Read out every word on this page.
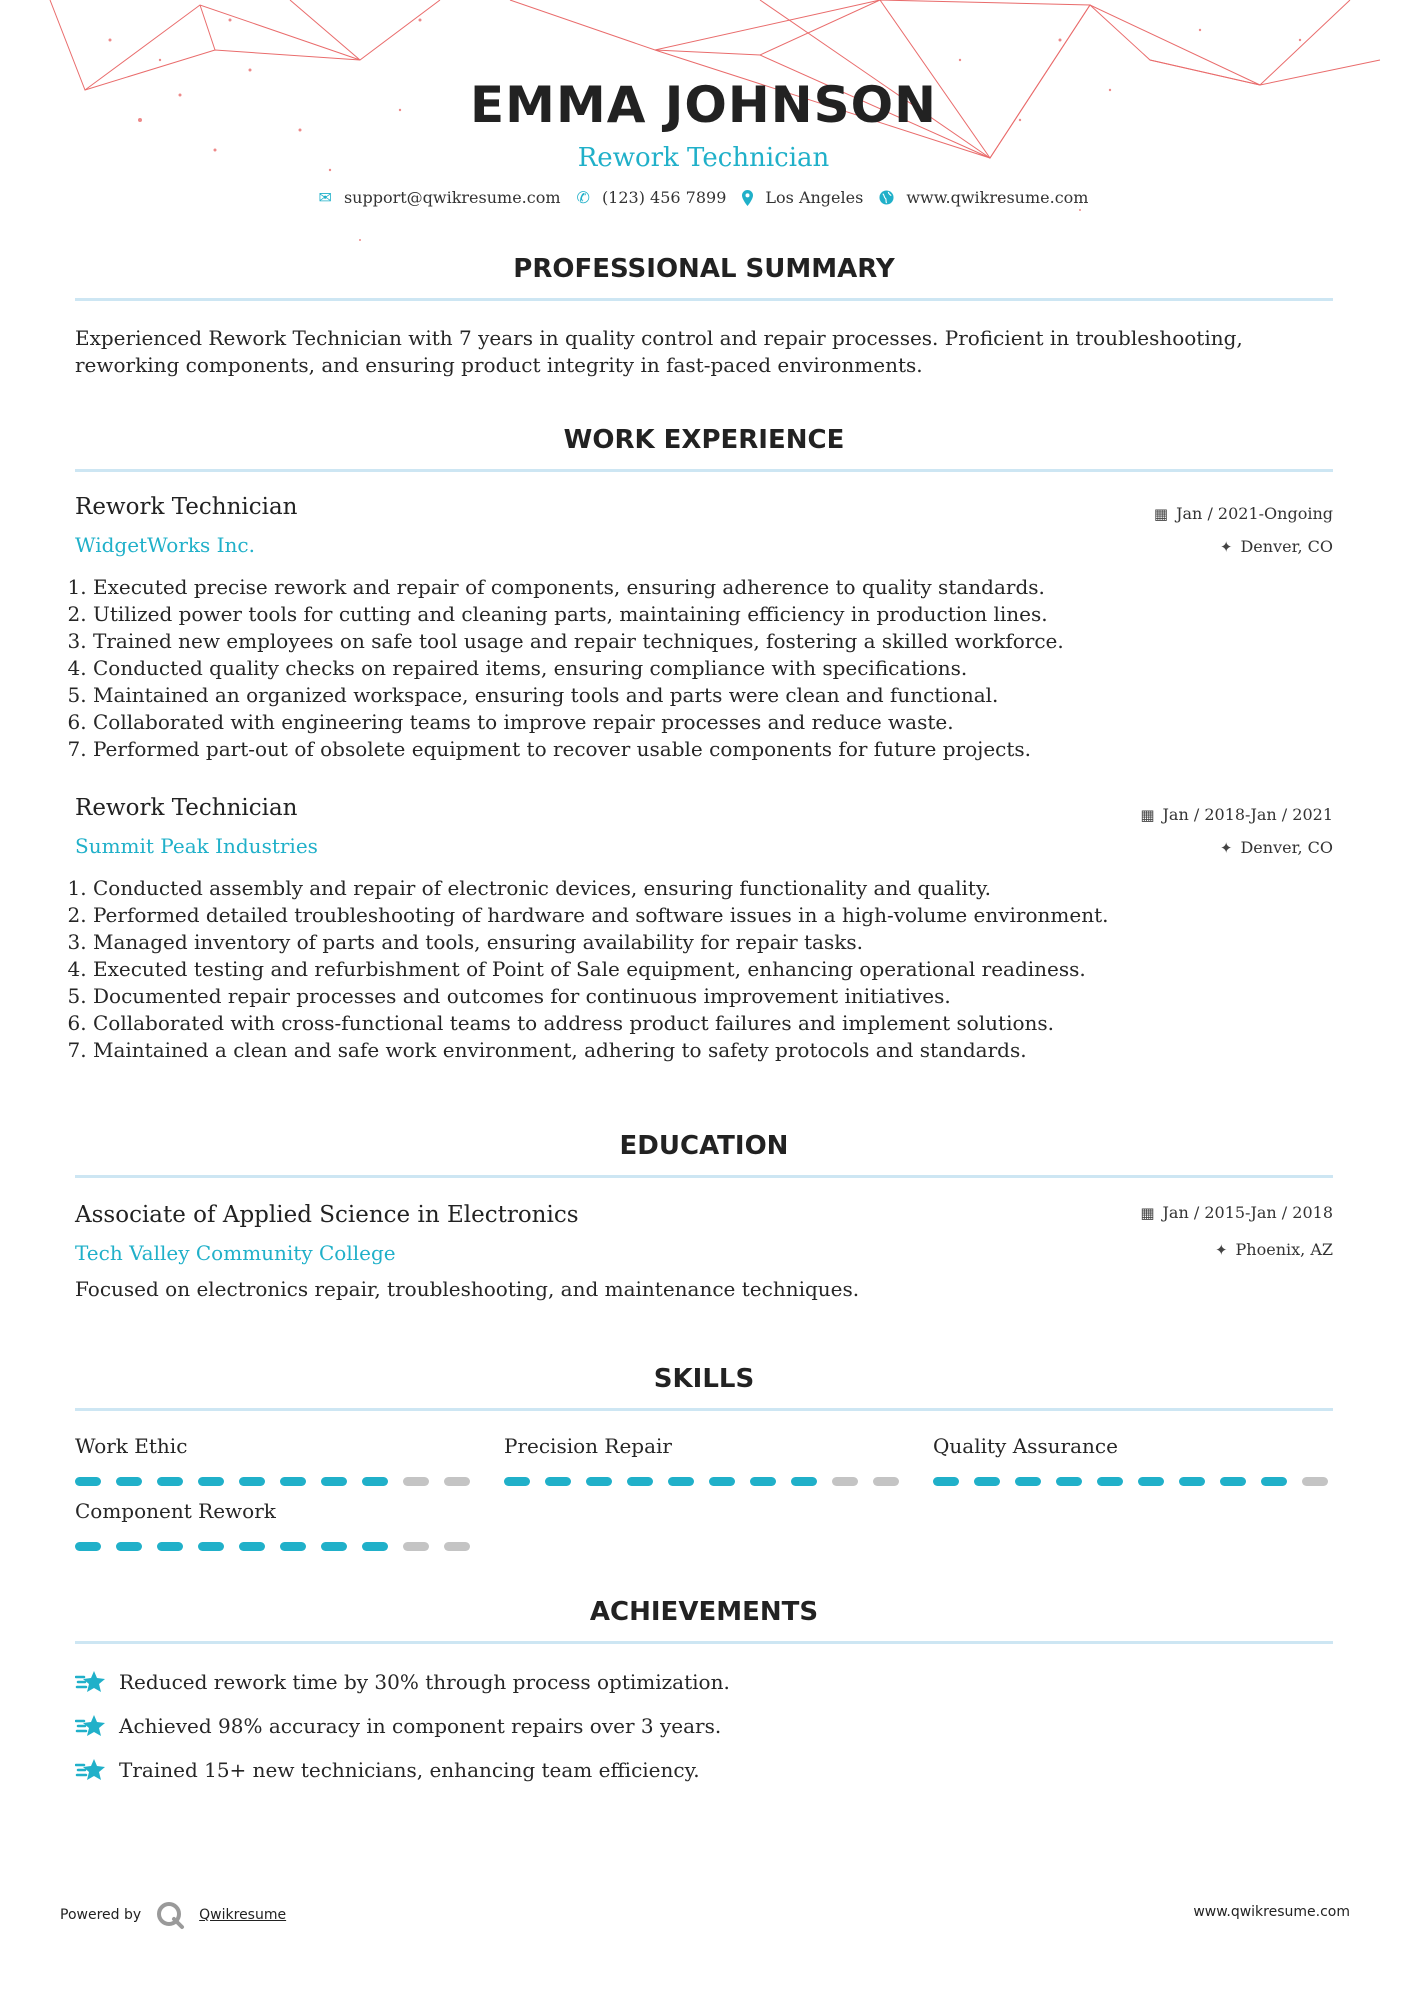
EMMA JOHNSON
Rework Technician
✉ support@qwikresume.com ✆ (123) 456 7899 Los Angeles	www.qwikresume.com
PROFESSIONAL SUMMARY
Experienced Rework Technician with 7 years in quality control and repair processes. Proficient in troubleshooting, reworking components, and ensuring product integrity in fast-paced environments.
WORK EXPERIENCE
Rework Technician
WidgetWorks Inc.
▦ Jan / 2021-Ongoing
✦ Denver, CO
1. Executed precise rework and repair of components, ensuring adherence to quality standards.
2. Utilized power tools for cutting and cleaning parts, maintaining efficiency in production lines.
3. Trained new employees on safe tool usage and repair techniques, fostering a skilled workforce.
4. Conducted quality checks on repaired items, ensuring compliance with specifications.
5. Maintained an organized workspace, ensuring tools and parts were clean and functional.
6. Collaborated with engineering teams to improve repair processes and reduce waste.
7. Performed part-out of obsolete equipment to recover usable components for future projects.
Rework Technician
Summit Peak Industries
▦ Jan / 2018-Jan / 2021
✦ Denver, CO
1. Conducted assembly and repair of electronic devices, ensuring functionality and quality.
2. Performed detailed troubleshooting of hardware and software issues in a high-volume environment.
3. Managed inventory of parts and tools, ensuring availability for repair tasks.
4. Executed testing and refurbishment of Point of Sale equipment, enhancing operational readiness.
5. Documented repair processes and outcomes for continuous improvement initiatives.
6. Collaborated with cross-functional teams to address product failures and implement solutions.
7. Maintained a clean and safe work environment, adhering to safety protocols and standards.
EDUCATION
Associate of Applied Science in Electronics
Tech Valley Community College
▦ Jan / 2015-Jan / 2018
✦ Phoenix, AZ
Focused on electronics repair, troubleshooting, and maintenance techniques.
SKILLS
Work Ethic	Precision Repair	Quality Assurance
Component Rework
ACHIEVEMENTS
Reduced rework time by 30% through process optimization.
Achieved 98% accuracy in component repairs over 3 years.
Trained 15+ new technicians, enhancing team efficiency.
Powered by	Qwikresume	www.qwikresume.com
